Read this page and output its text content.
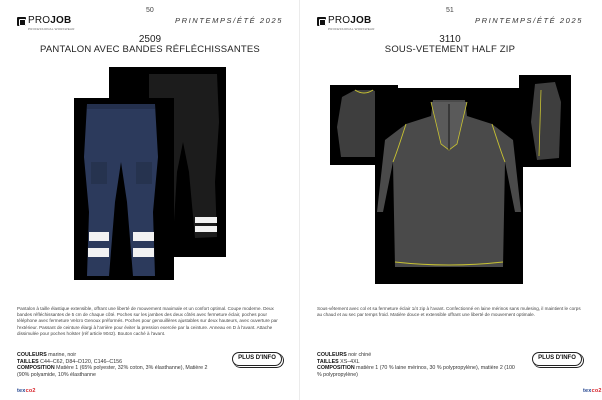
50
PROJOB
PROFESSIONAL WORKWEAR
PRINTEMPS/ÉTÉ 2025
2509
PANTALON AVEC BANDES RÉFLÉCHISSANTES
Pantalon à taille élastique extensible, offrant une liberté de mouvement maximale et un confort optimal. Coupe moderne. Deux bandes réfléchissantes de 5 cm de chaque côté. Poches sur les jambes des deux côtés avec fermeture éclair, poches pour téléphone avec fermeture Velcro Genoux préformés. Poches pour genouillères ajustables sur deux hauteurs, avec ouverture par l'extérieur. Passant de ceinture élargi à l'arrière pour éviter la pression exercée par la ceinture. Anneau en D à l'avant. Attache dissimulée pour poches holster (réf article 9042). Bouton caché à l'avant.
COULEURS marine, noir
TAILLES C44–C62, D84–D120, C146–C156
COMPOSITION Matière 1 (65% polyester, 32% coton, 3% élasthanne), Matière 2 (90% polyamide, 10% élasthanne
PLUS D'INFO
texco2
51
PROJOB
PROFESSIONAL WORKWEAR
PRINTEMPS/ÉTÉ 2025
3110
SOUS-VETEMENT HALF ZIP
Sous-vêtement avec col et sa fermeture éclair 1/4 zip à l'avant. Confectionné en laine mérinos sans mulesing, il maintient le corps au chaud et au sec par temps froid. Matière douce et extensible offrant une liberté de mouvement optimale.
COULEURS noir chiné
TAILLES XS–4XL
COMPOSITION matière 1 (70 % laine mérinos, 30 % polypropylène), matière 2 (100 % polypropylène)
PLUS D'INFO
texco2
